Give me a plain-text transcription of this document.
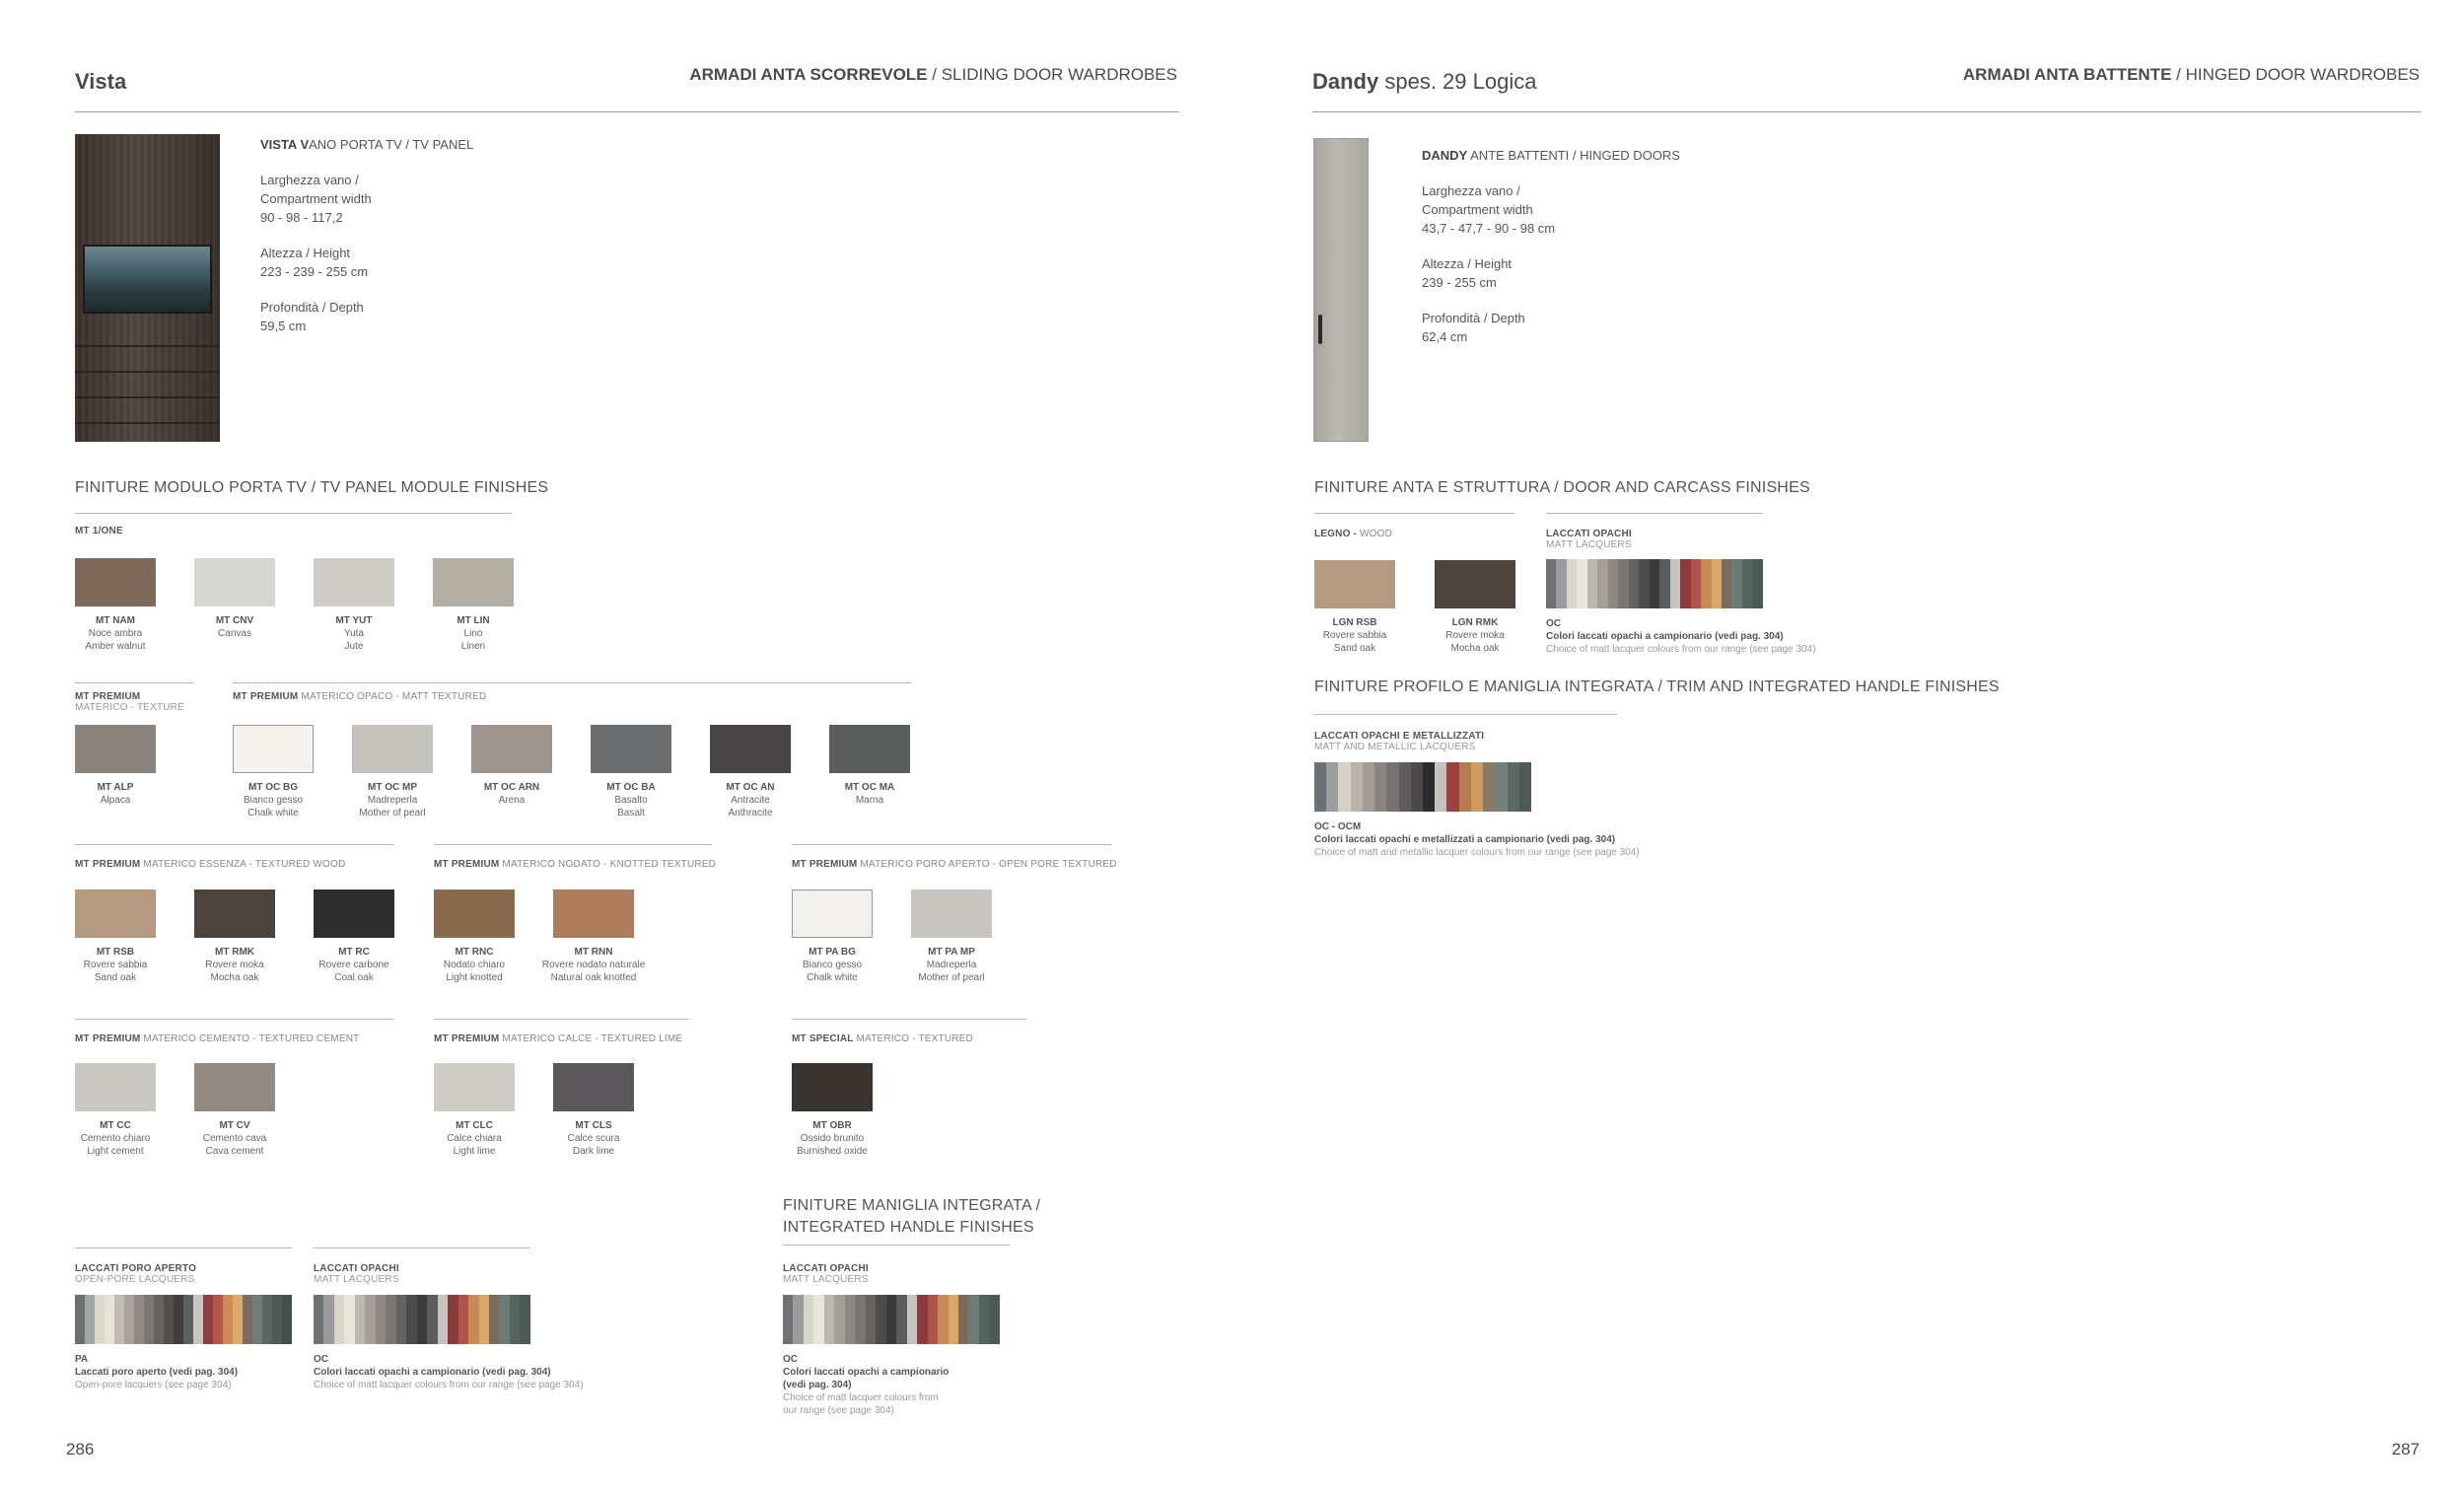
Vista	ARMADI ANTA SCORREVOLE / SLIDING DOOR WARDROBES
VISTA VANO PORTA TV / TV PANEL
Larghezza vano /
Compartment width
90 - 98 - 117,2
Altezza / Height
223 - 239 - 255 cm
Profondità / Depth
59,5 cm
FINITURE MODULO PORTA TV / TV PANEL MODULE FINISHES
MT 1/ONE
MT PREMIUM
MATERICO - TEXTURE
MT PREMIUM MATERICO OPACO - MATT TEXTURED
MT PREMIUM MATERICO ESSENZA - TEXTURED WOOD	MT PREMIUM MATERICO NODATO - KNOTTED TEXTURED	MT PREMIUM MATERICO PORO APERTO - OPEN PORE TEXTURED
MT PREMIUM MATERICO CEMENTO - TEXTURED CEMENT	MT PREMIUM MATERICO CALCE - TEXTURED LIME	MT SPECIAL MATERICO - TEXTURED
MT NAM
Noce ambra
Amber walnut
MT CNV
Canvas
MT YUT
Yuta
Jute
MT LIN
Lino
Linen
MT ALP
Alpaca
MT OC BG
Bianco gesso
Chalk white
MT OC MP
Madreperla
Mother of pearl
MT OC ARN
Arena
MT OC BA
Basalto
Basalt
MT OC AN
Antracite
Anthracite
MT OC MA
Marna
MT RSB
Rovere sabbia
Sand oak
MT RMK
Rovere moka
Mocha oak
MT RC
Rovere carbone
Coal oak
MT RNC
Nodato chiaro
Light knotted
MT RNN
Rovere nodato naturale
Natural oak knotted
MT PA BG
Bianco gesso
Chalk white
MT PA MP
Madreperla
Mother of pearl
MT CC
Cemento chiaro
Light cement
MT CV
Cemento cava
Cava cement
MT CLC
Calce chiara
Light lime
MT CLS
Calce scura
Dark lime
MT OBR
Ossido brunito
Burnished oxide
LACCATI PORO APERTO
OPEN-PORE LACQUERS
PA
Laccati poro aperto (vedi pag. 304)
Open-pore lacquers (see page 304)
LACCATI OPACHI
MATT LACQUERS
OC
Colori laccati opachi a campionario (vedi pag. 304)
Choice of matt lacquer colours from our range (see page 304)
FINITURE MANIGLIA INTEGRATA /
INTEGRATED HANDLE FINISHES
LACCATI OPACHI
MATT LACQUERS
OC
Colori laccati opachi a campionario
(vedi pag. 304)
Choice of matt lacquer colours from
our range (see page 304)
286
Dandy spes. 29 Logica	ARMADI ANTA BATTENTE / HINGED DOOR WARDROBES
DANDY ANTE BATTENTI / HINGED DOORS
Larghezza vano /
Compartment width
43,7 - 47,7 - 90 - 98 cm
Altezza / Height
239 - 255 cm
Profondità / Depth
62,4 cm
FINITURE ANTA E STRUTTURA / DOOR AND CARCASS FINISHES
LEGNO - WOOD
LGN RSB
Rovere sabbia
Sand oak
LGN RMK
Rovere moka
Mocha oak
LACCATI OPACHI
MATT LACQUERS
OC
Colori laccati opachi a campionario (vedi pag. 304)
Choice of matt lacquer colours from our range (see page 304)
FINITURE PROFILO E MANIGLIA INTEGRATA / TRIM AND INTEGRATED HANDLE FINISHES
LACCATI OPACHI E METALLIZZATI
MATT AND METALLIC LACQUERS
OC - OCM
Colori laccati opachi e metallizzati a campionario (vedi pag. 304)
Choice of matt and metallic lacquer colours from our range (see page 304)
287
